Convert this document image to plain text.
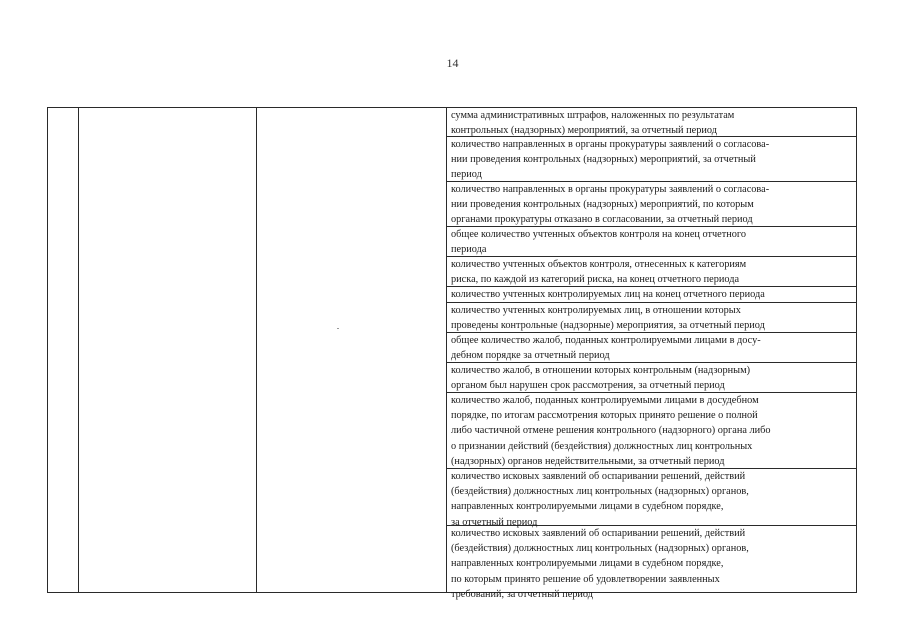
14
сумма административных штрафов, наложенных по результатам
контрольных (надзорных) мероприятий, за отчетный период
количество направленных в органы прокуратуры заявлений о согласова-
нии проведения контрольных (надзорных) мероприятий, за отчетный
период
количество направленных в органы прокуратуры заявлений о согласова-
нии проведения контрольных (надзорных) мероприятий, по которым
органами прокуратуры отказано в согласовании, за отчетный период
общее количество учтенных объектов контроля на конец отчетного
периода
количество учтенных объектов контроля, отнесенных к категориям
риска, по каждой из категорий риска, на конец отчетного периода
количество учтенных контролируемых лиц на конец отчетного периода
количество учтенных контролируемых лиц, в отношении которых
проведены контрольные (надзорные) мероприятия, за отчетный период
общее количество жалоб, поданных контролируемыми лицами в досу-
дебном порядке за отчетный период
количество жалоб, в отношении которых контрольным (надзорным)
органом был нарушен срок рассмотрения, за отчетный период
количество жалоб, поданных контролируемыми лицами в досудебном
порядке, по итогам рассмотрения которых принято решение о полной
либо частичной отмене решения контрольного (надзорного) органа либо
о признании действий (бездействия) должностных лиц контрольных
(надзорных) органов недействительными, за отчетный период
количество исковых заявлений об оспаривании решений, действий
(бездействия) должностных лиц контрольных (надзорных) органов,
направленных контролируемыми лицами в судебном порядке,
за отчетный период
количество исковых заявлений об оспаривании решений, действий
(бездействия) должностных лиц контрольных (надзорных) органов,
направленных контролируемыми лицами в судебном порядке,
по которым принято решение об удовлетворении заявленных
требований, за отчетный период
